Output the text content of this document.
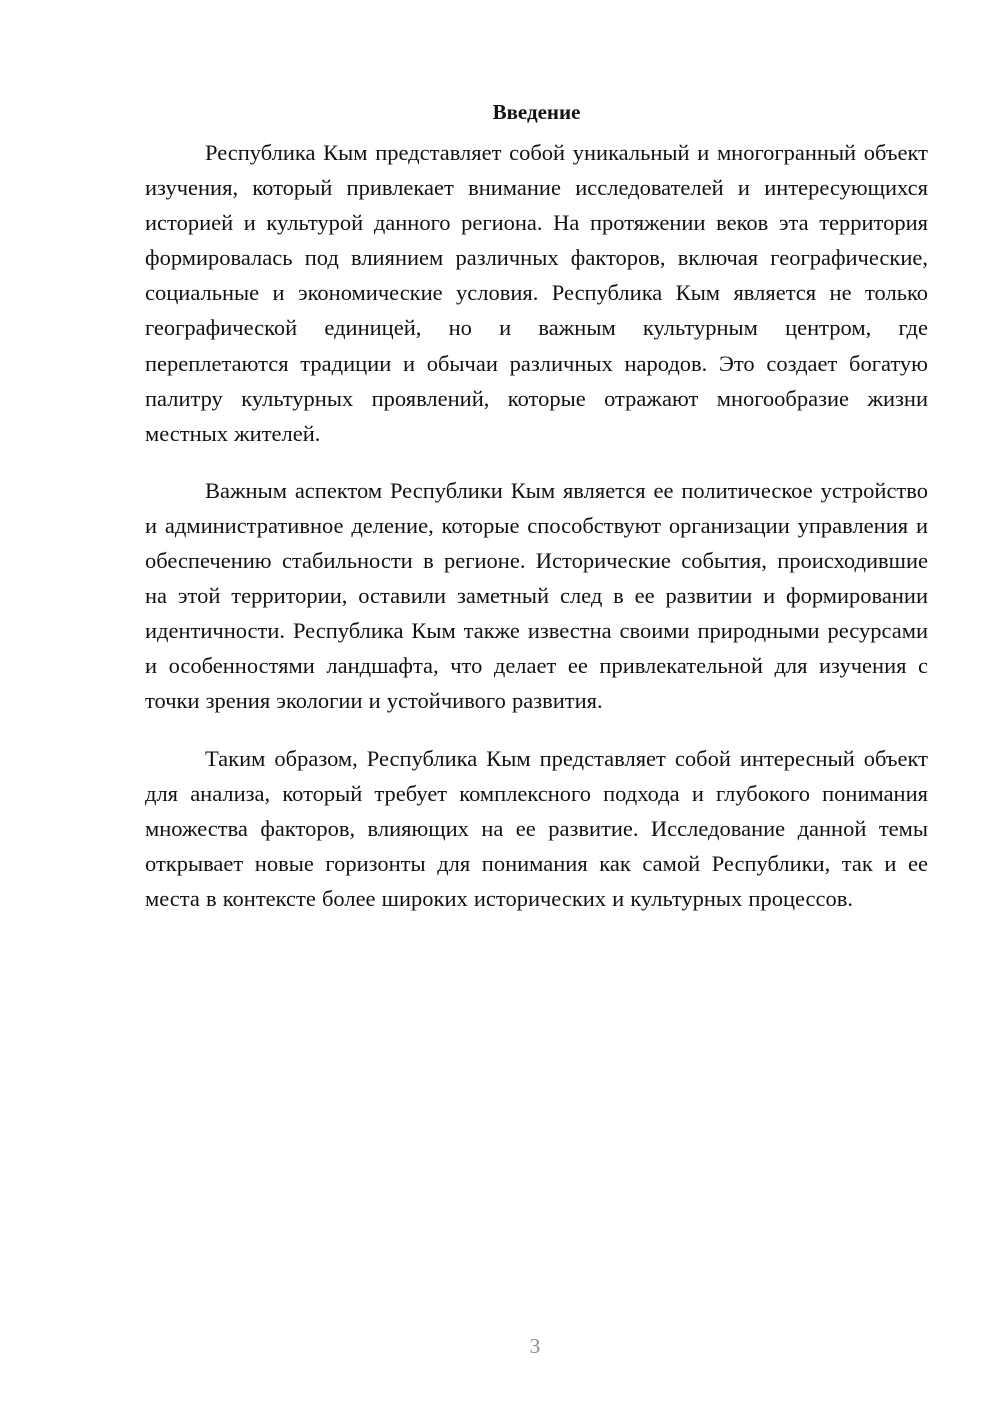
Введение

Республика Кым представляет собой уникальный и многогранный объект изучения, который привлекает внимание исследователей и интересующихся историей и культурой данного региона. На протяжении веков эта территория формировалась под влиянием различных факторов, включая географические, социальные и экономические условия. Республика Кым является не только географической единицей, но и важным культурным центром, где переплетаются традиции и обычаи различных народов. Это создает богатую палитру культурных проявлений, которые отражают многообразие жизни местных жителей.

Важным аспектом Республики Кым является ее политическое устройство и административное деление, которые способствуют организации управления и обеспечению стабильности в регионе. Исторические события, происходившие на этой территории, оставили заметный след в ее развитии и формировании идентичности. Республика Кым также известна своими природными ресурсами и особенностями ландшафта, что делает ее привлекательной для изучения с точки зрения экологии и устойчивого развития.

Таким образом, Республика Кым представляет собой интересный объект для анализа, который требует комплексного подхода и глубокого понимания множества факторов, влияющих на ее развитие. Исследование данной темы открывает новые горизонты для понимания как самой Республики, так и ее места в контексте более широких исторических и культурных процессов.

3
